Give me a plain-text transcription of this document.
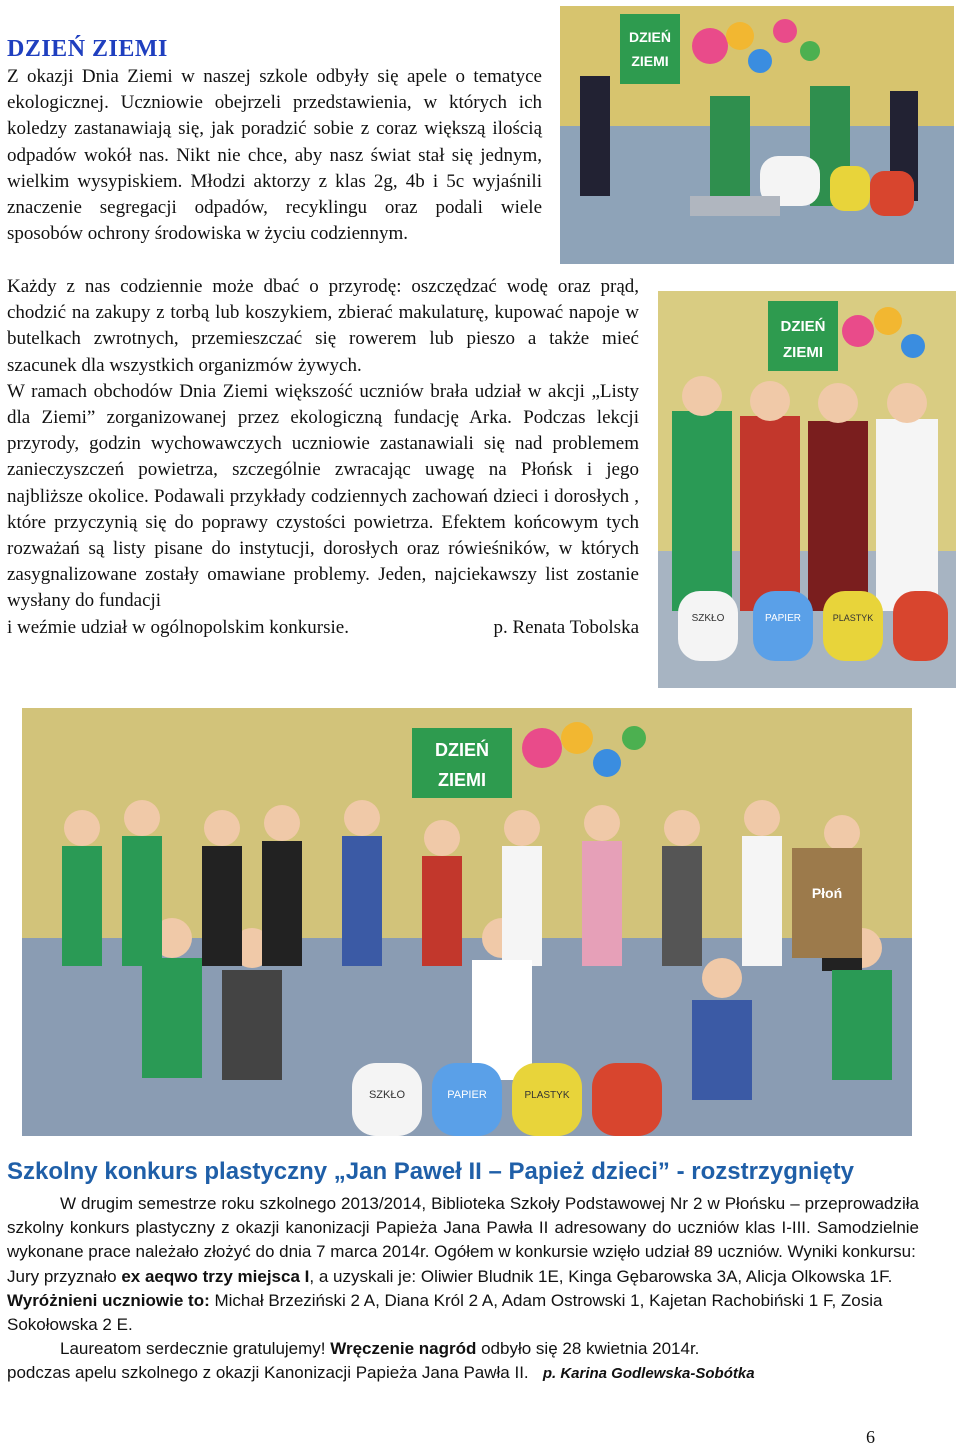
DZIEŃ ZIEMI

Z okazji Dnia Ziemi w naszej szkole odbyły się apele o tematyce ekologicznej. Uczniowie obejrzeli przedstawienia, w których ich koledzy zastanawiają się, jak poradzić sobie z coraz większą ilością odpadów wokół nas. Nikt nie chce, aby nasz świat stał się jednym, wielkim wysypiskiem. Młodzi aktorzy z klas 2g, 4b i 5c wyjaśnili znaczenie segregacji odpadów, recyklingu oraz podali wiele sposobów ochrony środowiska w życiu codziennym.

Każdy z nas codziennie może dbać o przyrodę: oszczędzać wodę oraz prąd, chodzić na zakupy z torbą lub koszykiem, zbierać makulaturę, kupować napoje w butelkach zwrotnych, przemieszczać się rowerem lub pieszo a także mieć szacunek dla wszystkich organizmów żywych.

W ramach obchodów Dnia Ziemi większość uczniów brała udział w akcji „Listy dla Ziemi” zorganizowanej przez ekologiczną fundację Arka. Podczas lekcji przyrody, godzin wychowawczych uczniowie zastanawiali się nad problemem zanieczyszczeń powietrza, szczególnie zwracając uwagę na Płońsk i jego najbliższe okolice. Podawali przykłady codziennych zachowań dzieci i dorosłych , które przyczynią się do poprawy czystości powietrza. Efektem końcowym tych rozważań są listy pisane do instytucji, dorosłych oraz rówieśników, w których zasygnalizowane zostały omawiane problemy. Jeden, najciekawszy list zostanie wysłany do fundacji

i weźmie udział w ogólnopolskim konkursie.	p. Renata Tobolska
DZIEŃ
ZIEMI
DZIEŃ
ZIEMI
SZKŁO	PAPIER	PLASTYK
DZIEŃ
ZIEMI
Płoń
SZKŁO	PAPIER	PLASTYK
Szkolny konkurs plastyczny „Jan Paweł II – Papież dzieci” - rozstrzygnięty

W drugim semestrze roku szkolnego 2013/2014, Biblioteka Szkoły Podstawowej Nr 2 w Płońsku – przeprowadziła szkolny konkurs plastyczny z okazji kanonizacji Papieża Jana Pawła II adresowany do uczniów klas I-III. Samodzielnie wykonane prace należało złożyć do dnia 7 marca 2014r. Ogółem w konkursie wzięło udział 89 uczniów. Wyniki konkursu:

Jury przyznało ex aeqwo trzy miejsca I, a uzyskali je: Oliwier Bludnik 1E, Kinga Gębarowska 3A, Alicja Olkowska 1F. Wyróżnieni uczniowie to: Michał Brzeziński 2 A, Diana Król 2 A, Adam Ostrowski 1, Kajetan Rachobiński 1 F, Zosia Sokołowska 2 E.

Laureatom serdecznie gratulujemy! Wręczenie nagród odbyło się 28 kwietnia 2014r.

podczas apelu szkolnego z okazji Kanonizacji Papieża Jana Pawła II. p. Karina Godlewska-Sobótka

6
